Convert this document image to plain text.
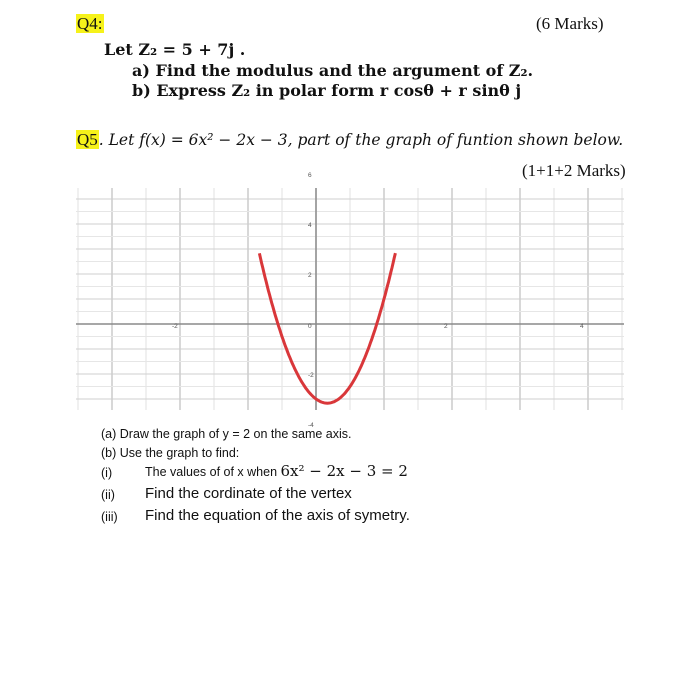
Q4:	(6 Marks)
Let Z₂ = 5 + 7j .
a) Find the modulus and the argument of Z₂.
b) Express Z₂ in polar form r cosθ + r sinθ j
Q5. Let f(x) = 6x² − 2x − 3, part of the graph of funtion shown below.
(1+1+2 Marks)
-2	0	2	4
6
4
2
-2
-4
(a) Draw the graph of y = 2 on the same axis.
(b) Use the graph to find:
(i)	The values of of x when 6x² − 2x − 3 = 2
(ii) Find the cordinate of the vertex
(iii) Find the equation of the axis of symetry.
